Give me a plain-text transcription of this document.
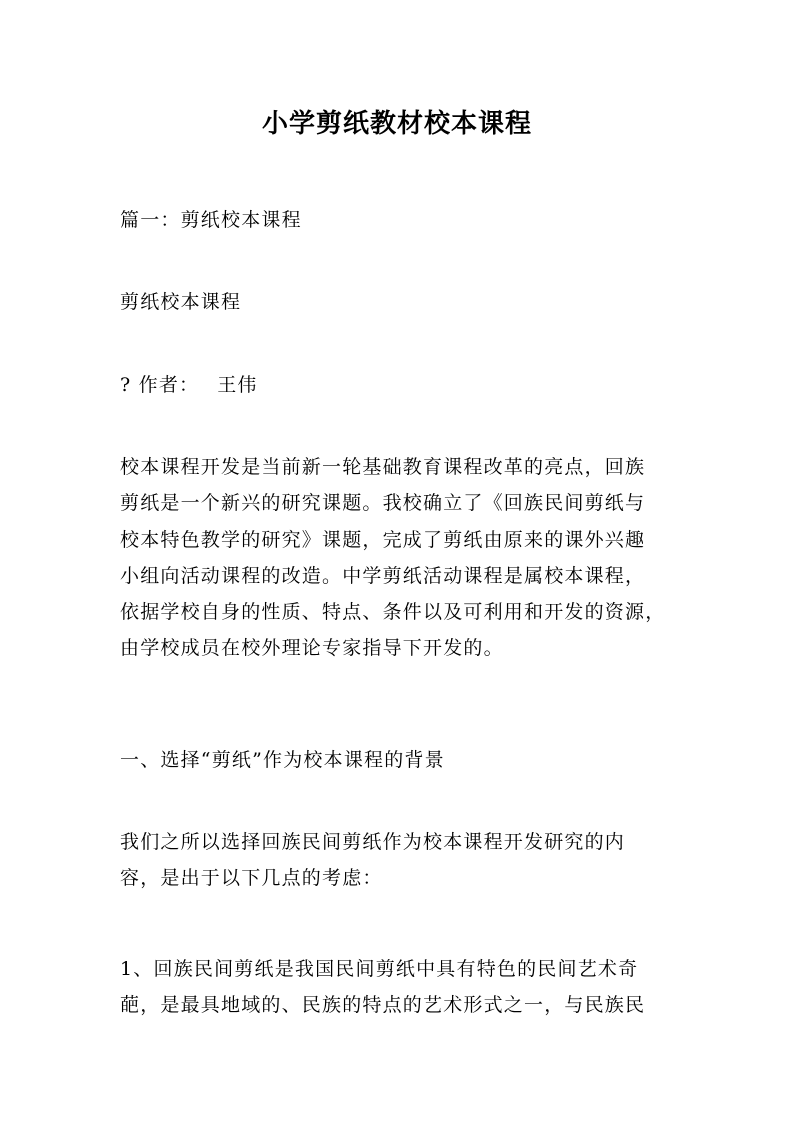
小学剪纸教材校本课程
篇一：剪纸校本课程
剪纸校本课程
? 作者： 王伟
校本课程开发是当前新一轮基础教育课程改革的亮点，回族
剪纸是一个新兴的研究课题。我校确立了《回族民间剪纸与
校本特色教学的研究》课题，完成了剪纸由原来的课外兴趣
小组向活动课程的改造。中学剪纸活动课程是属校本课程，
依据学校自身的性质、特点、条件以及可利用和开发的资源，
由学校成员在校外理论专家指导下开发的。
一、选择“剪纸”作为校本课程的背景
我们之所以选择回族民间剪纸作为校本课程开发研究的内
容，是出于以下几点的考虑：
1、回族民间剪纸是我国民间剪纸中具有特色的民间艺术奇
葩，是最具地域的、民族的特点的艺术形式之一，与民族民
